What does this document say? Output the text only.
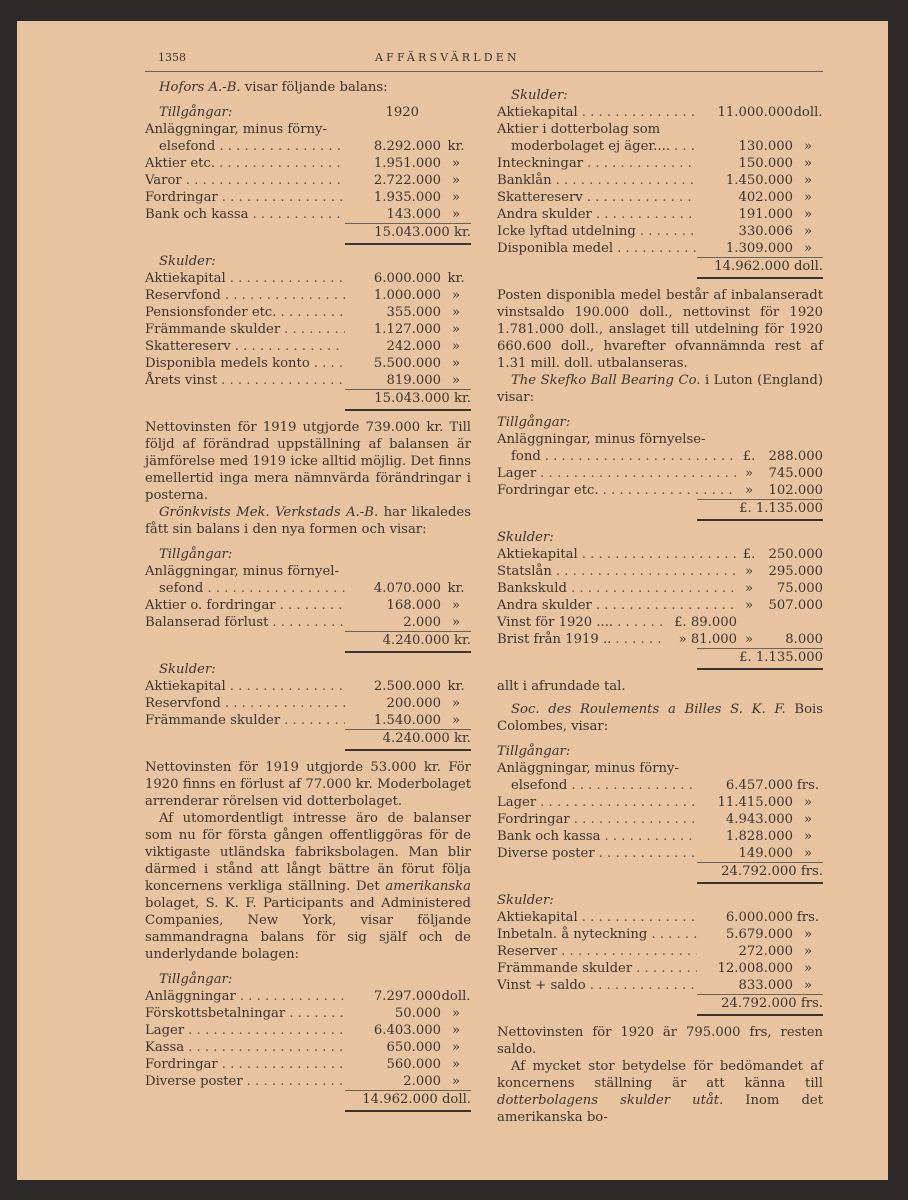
1358	AFFÄRSVÄRLDEN

Hofors A.-B. visar följande balans:

Tillgångar:	1920
Anläggningar, minus förny-
elsefond . . .	8.292.000 kr.
Aktier etc. . . .	1.951.000 »
Varor . . .	2.722.000 »
Fordringar . . .	1.935.000 »
Bank och kassa . . .	143.000 »
15.043.000 kr.
Skulder:
Aktiekapital . . .	6.000.000 kr.
Reservfond . . .	1.000.000 »
Pensionsfonder etc. . . .	355.000 »
Främmande skulder . . .	1.127.000 »
Skattereserv . . .	242.000 »
Disponibla medels konto . . .	5.500.000 »
Årets vinst . . .	819.000 »
15.043.000 kr.

Nettovinsten för 1919 utgjorde 739.000 kr. Till följd af förändrad uppställning af balansen är jämförelse med 1919 icke alltid möjlig. Det finns emellertid inga mera nämnvärda förändringar i posterna.

Grönkvists Mek. Verkstads A.-B. har likaledes fått sin balans i den nya formen och visar:

Tillgångar:
Anläggningar, minus förnyel-
sefond . . .	4.070.000 kr.
Aktier o. fordringar . . .	168.000 »
Balanserad förlust . . .	2.000 »
4.240.000 kr.
Skulder:
Aktiekapital . . .	2.500.000 kr.
Reservfond . . .	200.000 »
Främmande skulder . . .	1.540.000 »
4.240.000 kr.

Nettovinsten för 1919 utgjorde 53.000 kr. För 1920 finns en förlust af 77.000 kr. Moderbolaget arrenderar rörelsen vid dotterbolaget.

Af utomordentligt intresse äro de balanser som nu för första gången offentliggöras för de viktigaste utländska fabriksbolagen. Man blir därmed i stånd att långt bättre än förut följa koncernens verkliga ställning. Det amerikanska bolaget, S. K. F. Participants and Administered Companies, New York, visar följande sammandragna balans för sig själf och de underlydande bolagen:

Tillgångar:
Anläggningar . . .	7.297.000 doll.
Förskottsbetalningar . . .	50.000 »
Lager . . .	6.403.000 »
Kassa . . .	650.000 »
Fordringar . . .	560.000 »
Diverse poster . . .	2.000 »
14.962.000 doll.
Skulder:
Aktiekapital . . .	11.000.000 doll.
Aktier i dotterbolag som
moderbolaget ej äger.... . . .	130.000 »
Inteckningar . . .	150.000 »
Banklån . . .	1.450.000 »
Skattereserv . . .	402.000 »
Andra skulder . . .	191.000 »
Icke lyftad utdelning . . .	330.006 »
Disponibla medel . . .	1.309.000 »
14.962.000 doll.

Posten disponibla medel består af inbalanseradt vinstsaldo 190.000 doll., nettovinst för 1920 1.781.000 doll., anslaget till utdelning för 1920 660.600 doll., hvarefter ofvannämnda rest af 1.31 mill. doll. utbalanseras.

The Skefko Ball Bearing Co. i Luton (England) visar:

Tillgångar:
Anläggningar, minus förnyelse-
fond . . .	£. 288.000
Lager . . .	»	745.000
Fordringar etc. . . .	»	102.000
£. 1.135.000
Skulder:
Aktiekapital . . .	£. 250.000
Statslån . . .	»	295.000
Bankskuld . . .	»	75.000
Andra skulder . . .	»	507.000
Vinst för 1920 .... . . .	£. 89.000
Brist från 1919 .. . . .	» 81.000 »	8.000
£. 1.135.000

allt i afrundade tal.

Soc. des Roulements a Billes S. K. F. Bois Colombes, visar:

Tillgångar:
Anläggningar, minus förny-
elsefond . . .	6.457.000 frs.
Lager . . .	11.415.000 »
Fordringar . . .	4.943.000 »
Bank och kassa . . .	1.828.000 »
Diverse poster . . .	149.000 »
24.792.000 frs.
Skulder:
Aktiekapital . . .	6.000.000 frs.
Inbetaln. å nyteckning . . .	5.679.000 »
Reserver . . .	272.000 »
Främmande skulder . . .	12.008.000 »
Vinst + saldo . . .	833.000 »
24.792.000 frs.

Nettovinsten för 1920 är 795.000 frs, resten saldo.

Af mycket stor betydelse för bedömandet af koncernens ställning är att känna till dotterbolagens skulder utåt. Inom det amerikanska bo-
